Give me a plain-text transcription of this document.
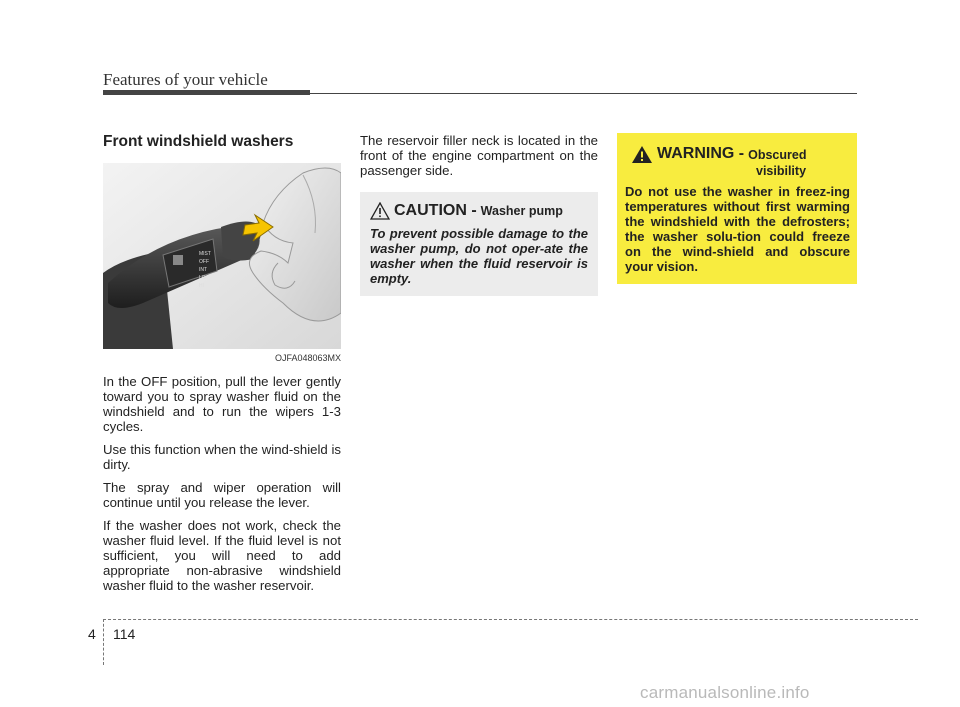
Features of your vehicle
Front windshield washers
MIST
OFF
INT
LO
HI
OJFA048063MX

In the OFF position, pull the lever gently toward you to spray washer fluid on the windshield and to run the wipers 1-3 cycles.

Use this function when the wind-shield is dirty.

The spray and wiper operation will continue until you release the lever.

If the washer does not work, check the washer fluid level. If the fluid level is not sufficient, you will need to add appropriate non-abrasive windshield washer fluid to the washer reservoir.

The reservoir filler neck is located in the front of the engine compartment on the passenger side.

CAUTION - Washer pump

To prevent possible damage to the washer pump, do not oper-ate the washer when the fluid reservoir is empty.

WARNING - Obscured
visibility

Do not use the washer in freez-ing temperatures without first warming the windshield with the defrosters; the washer solu-tion could freeze on the wind-shield and obscure your vision.

4 114
carmanualsonline.info
